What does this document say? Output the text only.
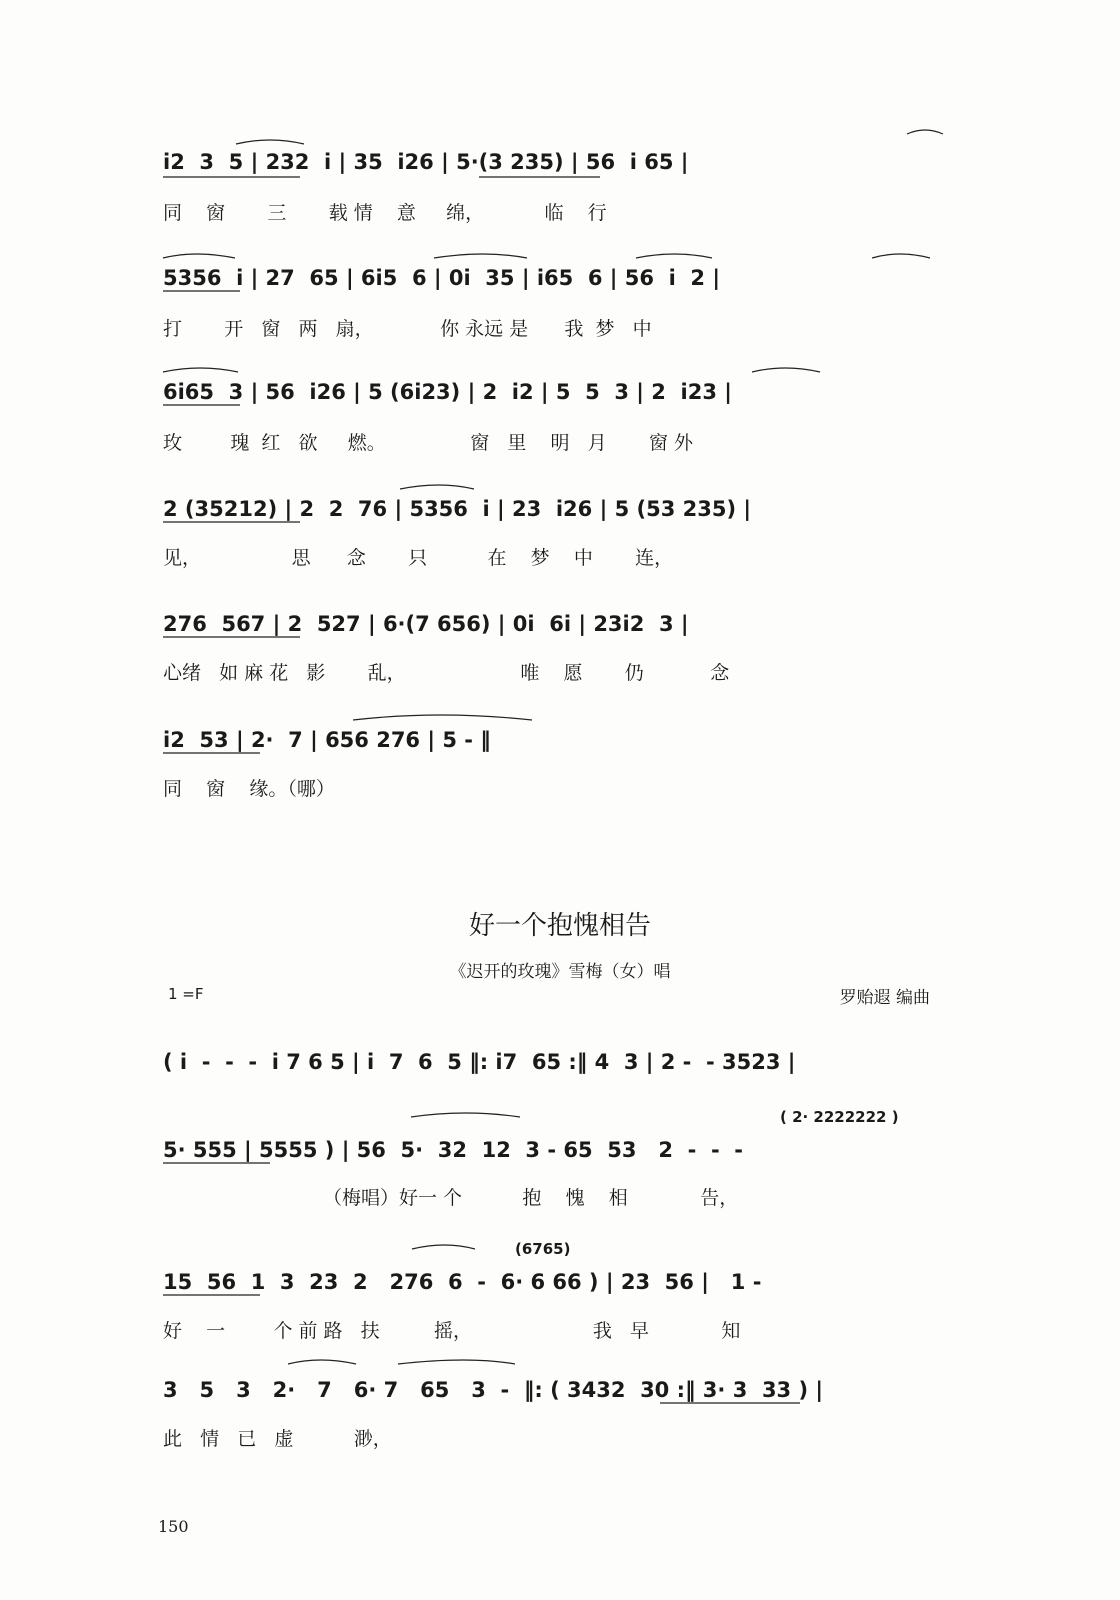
i2  3  5 | 232  i | 35  i26 | 5·(3 235) | 56  i 65 |
同    窗       三       载 情    意     绵，          临    行
5356  i | 27  65 | 6i5  6 | 0i  35 | i65  6 | 56  i  2 |
打       开   窗   两   扇，           你 永远 是      我  梦   中
6i65  3 | 56  i26 | 5 (6i23) | 2  i2 | 5  5  3 | 2  i23 |
玫        瑰  红   欲     燃。              窗   里    明   月       窗 外
2 (35212) | 2  2  76 | 5356  i | 23  i26 | 5 (53 235) |
见，               思      念       只          在    梦    中       连，
276  567 | 2  527 | 6·(7 656) | 0i  6i | 23i2  3 |
心绪   如 麻 花   影       乱，                   唯    愿       仍           念
i2  53 | 2·  7 | 656 276 | 5 - ‖
同    窗    缘。（哪）
好一个抱愧相告
《迟开的玫瑰》雪梅（女）唱
1 =F	罗贻遐 编曲
( i  -  -  -  i 7 6 5 | i  7  6  5 ‖: i7  65 :‖ 4  3 | 2 -  - 3523 |
5· 555 | 5555 ) | 56  5·  32  12  3 - 65  53   2  -  -  -
( 2· 2222222 )
（梅唱）好一 个          抱    愧    相            告，
15  56  1  3  23  2   276  6  -  6· 6 66 ) | 23  56 |   1 -
(6765)
好    一        个 前 路   扶         摇，                    我   早            知
3   5   3   2·   7   6· 7   65   3  -  ‖: ( 3432  30 :‖ 3· 3  33 ) |
此   情   已   虚          渺，
150
